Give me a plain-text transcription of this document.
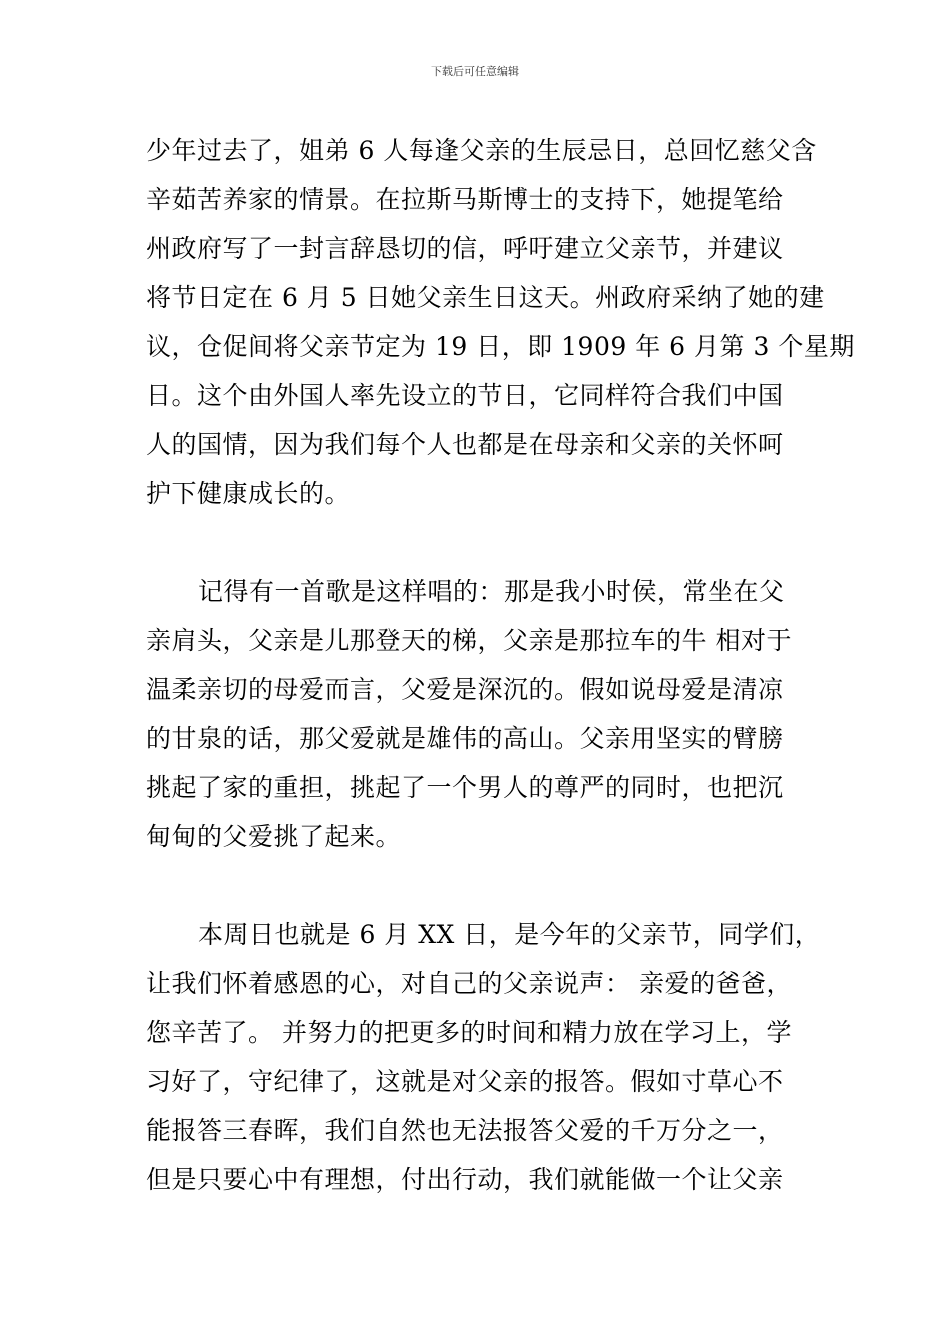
下载后可任意编辑
少年过去了，姐弟 6 人每逢父亲的生辰忌日，总回忆慈父含
辛茹苦养家的情景。在拉斯马斯博士的支持下，她提笔给
州政府写了一封言辞恳切的信，呼吁建立父亲节，并建议
将节日定在 6 月 5 日她父亲生日这天。州政府采纳了她的建
议，仓促间将父亲节定为 19 日，即 1909 年 6 月第 3 个星期
日。这个由外国人率先设立的节日，它同样符合我们中国
人的国情，因为我们每个人也都是在母亲和父亲的关怀呵
护下健康成长的。
记得有一首歌是这样唱的：那是我小时侯，常坐在父
亲肩头，父亲是儿那登天的梯，父亲是那拉车的牛 相对于
温柔亲切的母爱而言，父爱是深沉的。假如说母爱是清凉
的甘泉的话，那父爱就是雄伟的高山。父亲用坚实的臂膀
挑起了家的重担，挑起了一个男人的尊严的同时，也把沉
甸甸的父爱挑了起来。
本周日也就是 6 月 XX 日，是今年的父亲节，同学们，
让我们怀着感恩的心，对自己的父亲说声： 亲爱的爸爸，
您辛苦了。 并努力的把更多的时间和精力放在学习上，学
习好了，守纪律了，这就是对父亲的报答。假如寸草心不
能报答三春晖，我们自然也无法报答父爱的千万分之一，
但是只要心中有理想，付出行动，我们就能做一个让父亲
